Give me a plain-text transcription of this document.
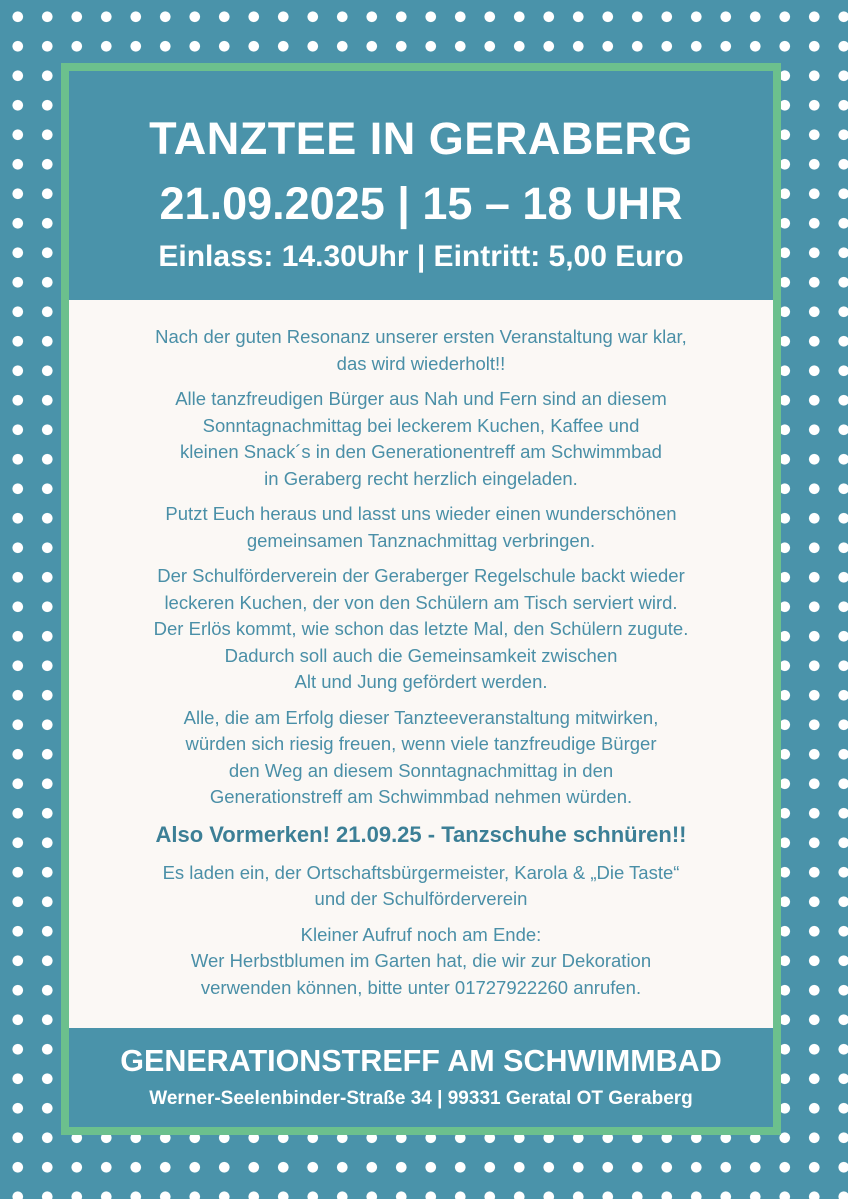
TANZTEE IN GERABERG
21.09.2025 | 15 – 18 UHR
Einlass: 14.30Uhr | Eintritt: 5,00 Euro

Nach der guten Resonanz unserer ersten Veranstaltung war klar,
das wird wiederholt!!

Alle tanzfreudigen Bürger aus Nah und Fern sind an diesem
Sonntagnachmittag bei leckerem Kuchen, Kaffee und
kleinen Snack´s in den Generationentreff am Schwimmbad
in Geraberg recht herzlich eingeladen.

Putzt Euch heraus und lasst uns wieder einen wunderschönen
gemeinsamen Tanznachmittag verbringen.

Der Schulförderverein der Geraberger Regelschule backt wieder
leckeren Kuchen, der von den Schülern am Tisch serviert wird.
Der Erlös kommt, wie schon das letzte Mal, den Schülern zugute.
Dadurch soll auch die Gemeinsamkeit zwischen
Alt und Jung gefördert werden.

Alle, die am Erfolg dieser Tanzteeveranstaltung mitwirken,
würden sich riesig freuen, wenn viele tanzfreudige Bürger
den Weg an diesem Sonntagnachmittag in den
Generationstreff am Schwimmbad nehmen würden.

Also Vormerken! 21.09.25 - Tanzschuhe schnüren!!

Es laden ein, der Ortschaftsbürgermeister, Karola & „Die Taste“
und der Schulförderverein

Kleiner Aufruf noch am Ende:
Wer Herbstblumen im Garten hat, die wir zur Dekoration
verwenden können, bitte unter 01727922260 anrufen.

GENERATIONSTREFF AM SCHWIMMBAD
Werner-Seelenbinder-Straße 34 | 99331 Geratal OT Geraberg
